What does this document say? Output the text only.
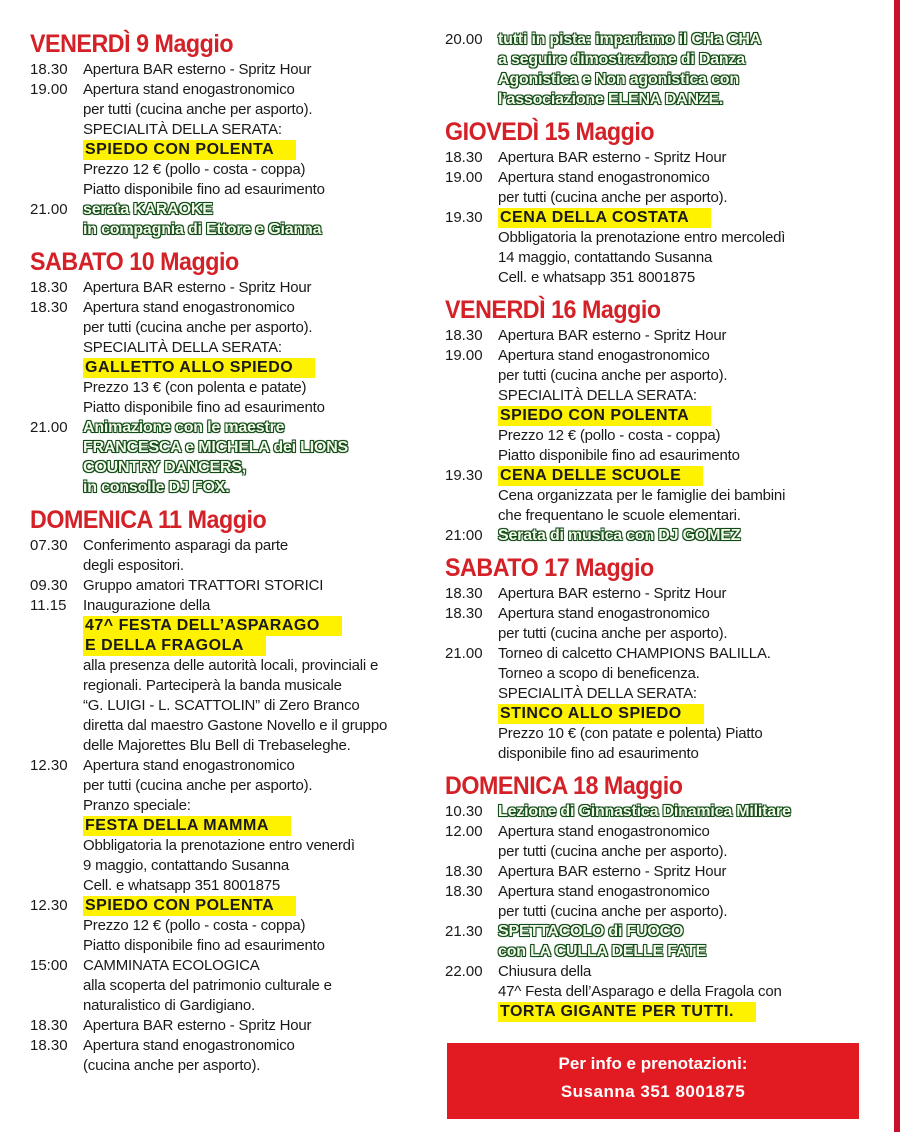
VENERDÌ 9 Maggio
18.30	Apertura BAR esterno - Spritz Hour
19.00	Apertura stand enogastronomico
per tutti (cucina anche per asporto).
SPECIALITÀ DELLA SERATA:
SPIEDO CON POLENTA
Prezzo 12 € (pollo - costa - coppa)
Piatto disponibile fino ad esaurimento
21.00 serata KARAOKE
in compagnia di Ettore e Gianna
SABATO 10 Maggio
18.30	Apertura BAR esterno - Spritz Hour
18.30	Apertura stand enogastronomico
per tutti (cucina anche per asporto).
SPECIALITÀ DELLA SERATA:
GALLETTO ALLO SPIEDO
Prezzo 13 € (con polenta e patate)
Piatto disponibile fino ad esaurimento
21.00 Animazione con le maestre
FRANCESCA e MICHELA dei LIONS
COUNTRY DANCERS,
in consolle DJ FOX.
DOMENICA 11 Maggio
07.30	Conferimento asparagi da parte
degli espositori.
09.30	Gruppo amatori TRATTORI STORICI
11.15	Inaugurazione della
47^ FESTA DELL’ASPARAGO
E DELLA FRAGOLA
alla presenza delle autorità locali, provinciali e
regionali. Parteciperà la banda musicale
“G. LUIGI - L. SCATTOLIN” di Zero Branco
diretta dal maestro Gastone Novello e il gruppo
delle Majorettes Blu Bell di Trebaseleghe.
12.30	Apertura stand enogastronomico
per tutti (cucina anche per asporto).
Pranzo speciale:
FESTA DELLA MAMMA
Obbligatoria la prenotazione entro venerdì
9 maggio, contattando Susanna
Cell. e whatsapp 351 8001875
12.30	SPIEDO CON POLENTA
Prezzo 12 € (pollo - costa - coppa)
Piatto disponibile fino ad esaurimento
15:00	CAMMINATA ECOLOGICA
alla scoperta del patrimonio culturale e
naturalistico di Gardigiano.
18.30	Apertura BAR esterno - Spritz Hour
18.30	Apertura stand enogastronomico
(cucina anche per asporto).
20.00 tutti in pista: impariamo il CHa CHA
a seguire dimostrazione di Danza
Agonistica e Non agonistica con
l’associazione ELENA DANZE.
GIOVEDÌ 15 Maggio
18.30	Apertura BAR esterno - Spritz Hour
19.00	Apertura stand enogastronomico
per tutti (cucina anche per asporto).
19.30	CENA DELLA COSTATA
Obbligatoria la prenotazione entro mercoledì
14 maggio, contattando Susanna
Cell. e whatsapp 351 8001875
VENERDÌ 16 Maggio
18.30	Apertura BAR esterno - Spritz Hour
19.00	Apertura stand enogastronomico
per tutti (cucina anche per asporto).
SPECIALITÀ DELLA SERATA:
SPIEDO CON POLENTA
Prezzo 12 € (pollo - costa - coppa)
Piatto disponibile fino ad esaurimento
19.30	CENA DELLE SCUOLE
Cena organizzata per le famiglie dei bambini
che frequentano le scuole elementari.
21:00 Serata di musica con DJ GOMEZ
SABATO 17 Maggio
18.30	Apertura BAR esterno - Spritz Hour
18.30	Apertura stand enogastronomico
per tutti (cucina anche per asporto).
21.00	Torneo di calcetto CHAMPIONS BALILLA.
Torneo a scopo di beneficenza.
SPECIALITÀ DELLA SERATA:
STINCO ALLO SPIEDO
Prezzo 10 € (con patate e polenta) Piatto
disponibile fino ad esaurimento
DOMENICA 18 Maggio
10.30 Lezione di Ginnastica Dinamica Militare
12.00	Apertura stand enogastronomico
per tutti (cucina anche per asporto).
18.30	Apertura BAR esterno - Spritz Hour
18.30	Apertura stand enogastronomico
per tutti (cucina anche per asporto).
21.30 SPETTACOLO di FUOCO
con LA CULLA DELLE FATE
22.00	Chiusura della
47^ Festa dell’Asparago e della Fragola con
TORTA GIGANTE PER TUTTI.
Per info e prenotazioni:
Susanna 351 8001875
